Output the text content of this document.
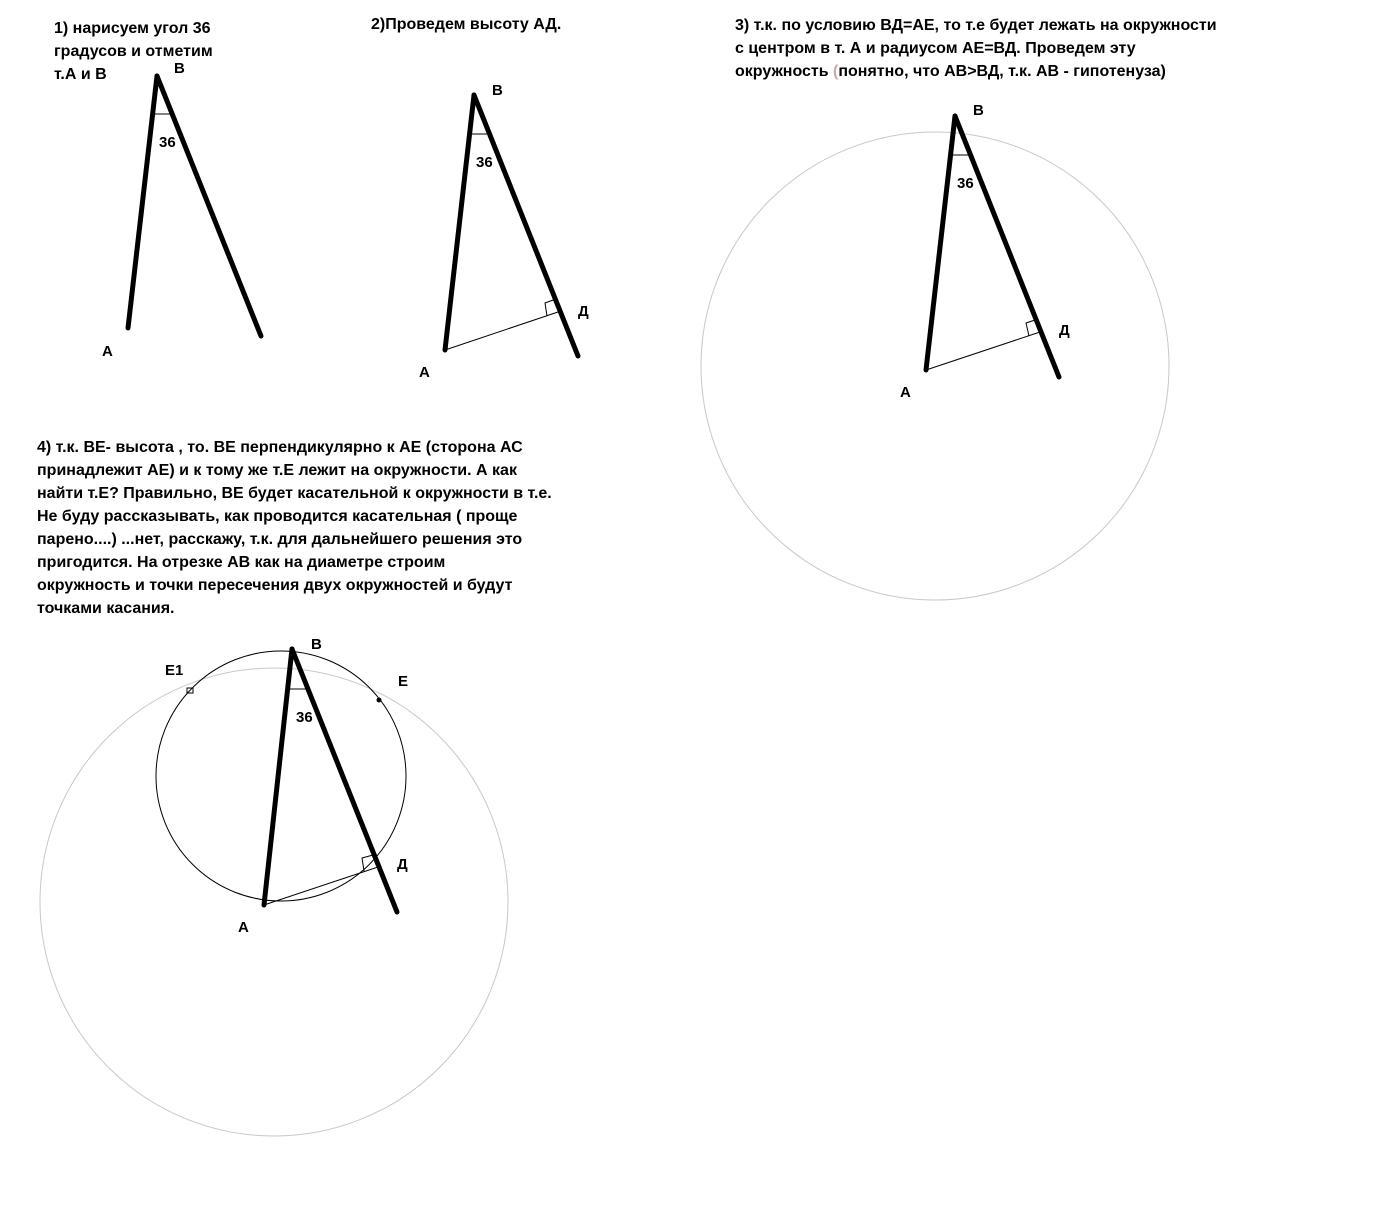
1) нарисуем угол 36
градусов и отметим
т.А и В

2)Проведем высоту АД.	3) т.к. по условию ВД=АЕ, то т.е будет лежать на окружности
с центром в т. А и радиусом АЕ=ВД. Проведем эту
окружность (понятно, что АВ>ВД, т.к. АВ - гипотенуза)

4) т.к. ВЕ- высота , то. ВЕ перпендикулярно к АЕ (сторона АС
принадлежит АЕ) и к тому же т.Е лежит на окружности. А как
найти т.Е? Правильно, ВЕ будет касательной к окружности в т.е.
Не буду рассказывать, как проводится касательная ( проще
парено....) ...нет, расскажу, т.к. для дальнейшего решения это
пригодится. На отрезке АВ как на диаметре строим
окружность и точки пересечения двух окружностей и будут
точками касания.

В
А
36
В
А
Д
36
В
А
Д
36
В
А
Д
Е
Е1
36
